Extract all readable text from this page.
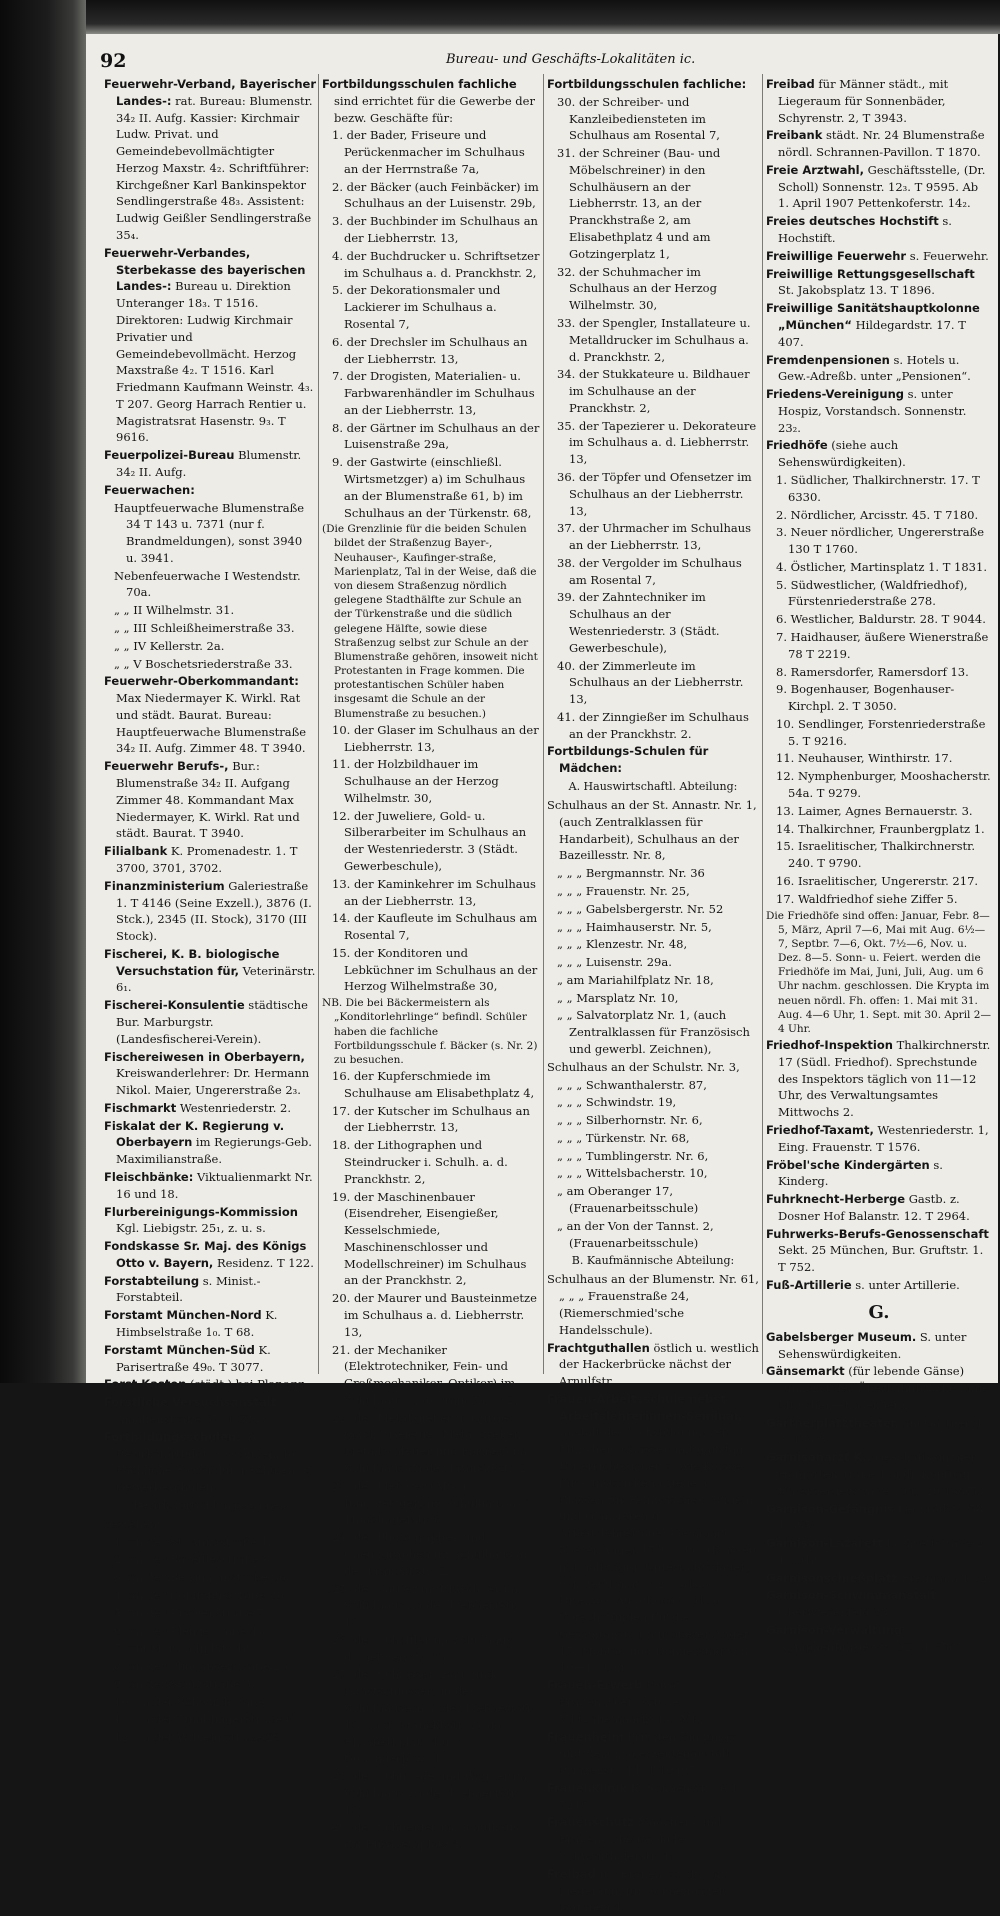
92	Bureau- und Geschäfts-Lokalitäten ic.
Feuerwehr-Verband, Bayerischer Landes-: rat. Bureau: Blumenstr. 34₂ II. Aufg. Kassier: Kirchmair Ludw. Privat. und Gemeindebevollmächtigter Herzog Maxstr. 4₂. Schriftführer: Kirchgeßner Karl Bankinspektor Sendlingerstraße 48₃. Assistent: Ludwig Geißler Sendlingerstraße 35₄.
Feuerwehr-Verbandes, Sterbekasse des bayerischen Landes-: Bureau u. Direktion Unteranger 18₃. T 1516. Direktoren: Ludwig Kirchmair Privatier und Gemeindebevollmächt. Herzog Maxstraße 4₂. T 1516. Karl Friedmann Kaufmann Weinstr. 4₃. T 207. Georg Harrach Rentier u. Magistratsrat Hasenstr. 9₃. T 9616.
Feuerpolizei-Bureau Blumenstr. 34₂ II. Aufg.
Feuerwachen:
Hauptfeuerwache Blumenstraße 34 T 143 u. 7371 (nur f. Brandmeldungen), sonst 3940 u. 3941.
Nebenfeuerwache I Westendstr. 70a.
„ „ II Wilhelmstr. 31.
„ „ III Schleißheimerstraße 33.
„ „ IV Kellerstr. 2a.
„ „ V Boschetsriederstraße 33.
Feuerwehr-Oberkommandant: Max Niedermayer K. Wirkl. Rat und städt. Baurat. Bureau: Hauptfeuerwache Blumenstraße 34₂ II. Aufg. Zimmer 48. T 3940.
Feuerwehr Berufs-, Bur.: Blumenstraße 34₂ II. Aufgang Zimmer 48. Kommandant Max Niedermayer, K. Wirkl. Rat und städt. Baurat. T 3940.
Filialbank K. Promenadestr. 1. T 3700, 3701, 3702.
Finanzministerium Galeriestraße 1. T 4146 (Seine Exzell.), 3876 (I. Stck.), 2345 (II. Stock), 3170 (III Stock).
Fischerei, K. B. biologische Versuchstation für, Veterinärstr. 6₁.
Fischerei-Konsulentie städtische Bur. Marburgstr. (Landesfischerei-Verein).
Fischereiwesen in Oberbayern, Kreiswanderlehrer: Dr. Hermann Nikol. Maier, Ungererstraße 2₃.
Fischmarkt Westenriederstr. 2.
Fiskalat der K. Regierung v. Oberbayern im Regierungs-Geb. Maximilianstraße.
Fleischbänke: Viktualienmarkt Nr. 16 und 18.
Flurbereinigungs-Kommission Kgl. Liebigstr. 25₁, z. u. s.
Fondskasse Sr. Maj. des Königs Otto v. Bayern, Residenz. T 122.
Forstabteilung s. Minist.-Forstabteil.
Forstamt München-Nord K. Himbselstraße 1₀. T 68.
Forstamt München-Süd K. Parisertraße 49₀. T 3077.
Forst Kasten (städt.) bei Planegg.
Forstliche Versuchsanstalt Amalienstraße 67. T 3333.
Fortbildungsschulen: a) Bezirksfortbildungsschulen; b) Fachliche Fortbildungsschulen; c) Gewerbeschulen.
Bezirksfortbildungsschulen
bestehen:
1. an der St. Annastraße 1,
2. an der Bazeillesstraße 8,
3. an der Bergmannstraße 36,
4. an der Columbusstraße 36,
5. an der Kirchenstraße 7,
6. an der Klenzestraße 48,
7. am Mariahilfplatz 18,
8. an der Plinganserstraße 28,
9. an der Schulstraße 3,
10. an der Schwindstraße 19,
11. an der Tumblingerstraße 6,
12. an der Wilhelmstraße 29,
Fortbildungsschulen fachliche sind errichtet für die Gewerbe der bezw. Geschäfte für:
1. der Bader, Friseure und Perückenmacher im Schulhaus an der Herrnstraße 7a,
2. der Bäcker (auch Feinbäcker) im Schulhaus an der Luisenstr. 29b,
3. der Buchbinder im Schulhaus an der Liebherrstr. 13,
4. der Buchdrucker u. Schriftsetzer im Schulhaus a. d. Pranckhstr. 2,
5. der Dekorationsmaler und Lackierer im Schulhaus a. Rosental 7,
6. der Drechsler im Schulhaus an der Liebherrstr. 13,
7. der Drogisten, Materialien- u. Farbwarenhändler im Schulhaus an der Liebherrstr. 13,
8. der Gärtner im Schulhaus an der Luisenstraße 29a,
9. der Gastwirte (einschließl. Wirtsmetzger) a) im Schulhaus an der Blumenstraße 61, b) im Schulhaus an der Türkenstr. 68,
(Die Grenzlinie für die beiden Schulen bildet der Straßenzug Bayer-, Neuhauser-, Kaufinger-straße, Marienplatz, Tal in der Weise, daß die von diesem Straßenzug nördlich gelegene Stadthälfte zur Schule an der Türkenstraße und die südlich gelegene Hälfte, sowie diese Straßenzug selbst zur Schule an der Blumenstraße gehören, insoweit nicht Protestanten in Frage kommen. Die protestantischen Schüler haben insgesamt die Schule an der Blumenstraße zu besuchen.)
10. der Glaser im Schulhaus an der Liebherrstr. 13,
11. der Holzbildhauer im Schulhause an der Herzog Wilhelmstr. 30,
12. der Juweliere, Gold- u. Silberarbeiter im Schulhaus an der Westenriederstr. 3 (Städt. Gewerbeschule),
13. der Kaminkehrer im Schulhaus an der Liebherrstr. 13,
14. der Kaufleute im Schulhaus am Rosental 7,
15. der Konditoren und Lebküchner im Schulhaus an der Herzog Wilhelmstraße 30,
NB. Die bei Bäckermeistern als „Konditorlehrlinge“ befindl. Schüler haben die fachliche Fortbildungsschule f. Bäcker (s. Nr. 2) zu besuchen.
16. der Kupferschmiede im Schulhause am Elisabethplatz 4,
17. der Kutscher im Schulhaus an der Liebherrstr. 13,
18. der Lithographen und Steindrucker i. Schulh. a. d. Pranckhstr. 2,
19. der Maschinenbauer (Eisendreher, Eisengießer, Kesselschmiede, Maschinenschlosser und Modellschreiner) im Schulhaus an der Pranckhstr. 2,
20. der Maurer und Bausteinmetze im Schulhaus a. d. Liebherrstr. 13,
21. der Mechaniker (Elektrotechniker, Fein- und Großmechaniker, Optiker) im Schulhaus a. d. Pranckhstr. 2,
22. der Metallgießer u. Gürtler (auch Ziseleure, Metalldreher, Metallschleifer und Former) im Schulhaus an der Pranckhstr. 2,
23. der Metzger (Alt- u. Jungmetzger) im Schulhaus a. d. Tumblingerstr. 6,
24. der Photographen und Chemigraphen im Schulhaus an der Pranckhstr. 2,
25. der Sattler und Taschner im Schulhaus an der Liebherrstr. 13,
26. der Schäffler im Schulhaus a. d. Liebherrstr. 13,
27. der Schlosser (Bau- und Kunstschlosser) in den Schulhäusern a. der Liebherrstr. 13, an d. Pranckhstr. 2, am Elisabethplatz 4 u. a. Gotzingerplatz 1,
28. der Schmiede und Wagner im Schulhaus an der Liebherrstr. 13,
29. der Schneider im Schulhaus am Elisabethplatz 4,
Fortbildungsschulen fachliche:
30. der Schreiber- und Kanzleibediensteten im Schulhaus am Rosental 7,
31. der Schreiner (Bau- und Möbelschreiner) in den Schulhäusern an der Liebherrstr. 13, an der Pranckhstraße 2, am Elisabethplatz 4 und am Gotzingerplatz 1,
32. der Schuhmacher im Schulhaus an der Herzog Wilhelmstr. 30,
33. der Spengler, Installateure u. Metalldrucker im Schulhaus a. d. Pranckhstr. 2,
34. der Stukkateure u. Bildhauer im Schulhause an der Pranckhstr. 2,
35. der Tapezierer u. Dekorateure im Schulhaus a. d. Liebherrstr. 13,
36. der Töpfer und Ofensetzer im Schulhaus an der Liebherrstr. 13,
37. der Uhrmacher im Schulhaus an der Liebherrstr. 13,
38. der Vergolder im Schulhaus am Rosental 7,
39. der Zahntechniker im Schulhaus an der Westenriederstr. 3 (Städt. Gewerbeschule),
40. der Zimmerleute im Schulhaus an der Liebherrstr. 13,
41. der Zinngießer im Schulhaus an der Pranckhstr. 2.
Fortbildungs-Schulen für Mädchen:
A. Hauswirtschaftl. Abteilung:
Schulhaus an der St. Annastr. Nr. 1, (auch Zentralklassen für Handarbeit), Schulhaus an der Bazeillesstr. Nr. 8,
„ „ „ Bergmannstr. Nr. 36
„ „ „ Frauenstr. Nr. 25,
„ „ „ Gabelsbergerstr. Nr. 52
„ „ „ Haimhauserstr. Nr. 5,
„ „ „ Klenzestr. Nr. 48,
„ „ „ Luisenstr. 29a.
„ am Mariahilfplatz Nr. 18,
„ „ Marsplatz Nr. 10,
„ „ Salvatorplatz Nr. 1, (auch Zentralklassen für Französisch und gewerbl. Zeichnen),
Schulhaus an der Schulstr. Nr. 3,
„ „ „ Schwanthalerstr. 87,
„ „ „ Schwindstr. 19,
„ „ „ Silberhornstr. Nr. 6,
„ „ „ Türkenstr. Nr. 68,
„ „ „ Tumblingerstr. Nr. 6,
„ „ „ Wittelsbacherstr. 10,
„ am Oberanger 17, (Frauenarbeitsschule)
„ an der Von der Tannst. 2, (Frauenarbeitsschule)
B. Kaufmännische Abteilung:
Schulhaus an der Blumenstr. Nr. 61, „ „ „ Frauenstraße 24, (Riemerschmied'sche Handelsschule).
Frachtguthallen östlich u. westlich der Hackerbrücke nächst der Arnulfstr.
Frauen-Arbeitsschule nebst Arbeitslehrerinnen-Seminar, Anstalt des Volksbildungsver. München. (Klassen mit ganztäg. Unterrichtsdauer, sowie Klasse für Kunststicken (Atelier), Klassen für Feinwaschen, Bügeln und Glanzieren u. Arbeitslehrerinnen-Seminar) oberer Anger 17 T 6106. (Klassen mit halbtägig. Unterrichtsdauer) von der Tannstr. 2 T 6106. Direktor: Aug. Kood T 6106. Sprechstunden für die Gesamtanstalt nur oberer Anger 17, Montag und Donnerstag von 10—11 Uhr.
Frauen-Erwerb Privat-Frauenarbeitsschule Viktualienmarkt 13₃ MB.
Frauenheim Privatentbindungs- und Rekonvaleszentenanstalt Prinzenstr. 14. T 10407.
Frauenklinik K. Sonnenstr. 16 T 7219.
Frauenschutz Mädchen- und Frauen-Arbeitsschule Schwanthalerstr. 4₁.
Freibad für Frauen, städt., mit Liegeraum für Sonnenbäder, Isaranen 4.
Freibad für Männer städt., mit Liegeraum für Sonnenbäder, Schyrenstr. 2, T 3943.
Freibank städt. Nr. 24 Blumenstraße nördl. Schrannen-Pavillon. T 1870.
Freie Arztwahl, Geschäftsstelle, (Dr. Scholl) Sonnenstr. 12₃. T 9595. Ab 1. April 1907 Pettenkoferstr. 14₂.
Freies deutsches Hochstift s. Hochstift.
Freiwillige Feuerwehr s. Feuerwehr.
Freiwillige Rettungsgesellschaft St. Jakobsplatz 13. T 1896.
Freiwillige Sanitätshauptkolonne „München“ Hildegardstr. 17. T 407.
Fremdenpensionen s. Hotels u. Gew.-Adreßb. unter „Pensionen“.
Friedens-Vereinigung s. unter Hospiz, Vorstandsch. Sonnenstr. 23₂.
Friedhöfe (siehe auch Sehenswürdigkeiten).
1. Südlicher, Thalkirchnerstr. 17. T 6330.
2. Nördlicher, Arcisstr. 45. T 7180.
3. Neuer nördlicher, Ungererstraße 130 T 1760.
4. Östlicher, Martinsplatz 1. T 1831.
5. Südwestlicher, (Waldfriedhof), Fürstenriederstraße 278.
6. Westlicher, Baldurstr. 28. T 9044.
7. Haidhauser, äußere Wienerstraße 78 T 2219.
8. Ramersdorfer, Ramersdorf 13.
9. Bogenhauser, Bogenhauser-Kirchpl. 2. T 3050.
10. Sendlinger, Forstenriederstraße 5. T 9216.
11. Neuhauser, Winthirstr. 17.
12. Nymphenburger, Mooshacherstr. 54a. T 9279.
13. Laimer, Agnes Bernauerstr. 3.
14. Thalkirchner, Fraunbergplatz 1.
15. Israelitischer, Thalkirchnerstr. 240. T 9790.
16. Israelitischer, Ungererstr. 217.
17. Waldfriedhof siehe Ziffer 5.
Die Friedhöfe sind offen: Januar, Febr. 8—5, März, April 7—6, Mai mit Aug. 6½—7, Septbr. 7—6, Okt. 7½—6, Nov. u. Dez. 8—5. Sonn- u. Feiert. werden die Friedhöfe im Mai, Juni, Juli, Aug. um 6 Uhr nachm. geschlossen. Die Krypta im neuen nördl. Fh. offen: 1. Mai mit 31. Aug. 4—6 Uhr, 1. Sept. mit 30. April 2—4 Uhr.
Friedhof-Inspektion Thalkirchnerstr. 17 (Südl. Friedhof). Sprechstunde des Inspektors täglich von 11—12 Uhr, des Verwaltungsamtes Mittwochs 2.
Friedhof-Taxamt, Westenriederstr. 1, Eing. Frauenstr. T 1576.
Fröbel'sche Kindergärten s. Kinderg.
Fuhrknecht-Herberge Gastb. z. Dosner Hof Balanstr. 12. T 2964.
Fuhrwerks-Berufs-Genossenschaft Sekt. 25 München, Bur. Gruftstr. 1. T 752.
Fuß-Artillerie s. unter Artillerie.
G.
Gabelsberger Museum. S. unter Sehenswürdigkeiten.
Gänsemarkt (für lebende Gänse) zunächst der Überbahnbrücke Linie München—Rosenheim.
Gärtnerplatztheater, am Gärtnerpl. 3. T 888.
Garnisonarzt K., Geschäftszimmer: Hofgartenstraße 1 südl. Kopfbau Unterbergerstraße 19 u. 20 T 8853.
Garnison-Gefängnis Leonrodstr. 58 T 8853.
Garnison-Lazarett Lazarettstraße 2. T 8018.
Garnisonschießplatz Freimann T 32.
Garnison-Schwimmanstalt Oberwiesenfeld 38.
Garnison-Verwaltung Nymphenburgerstr. 92₀. T 6501.
